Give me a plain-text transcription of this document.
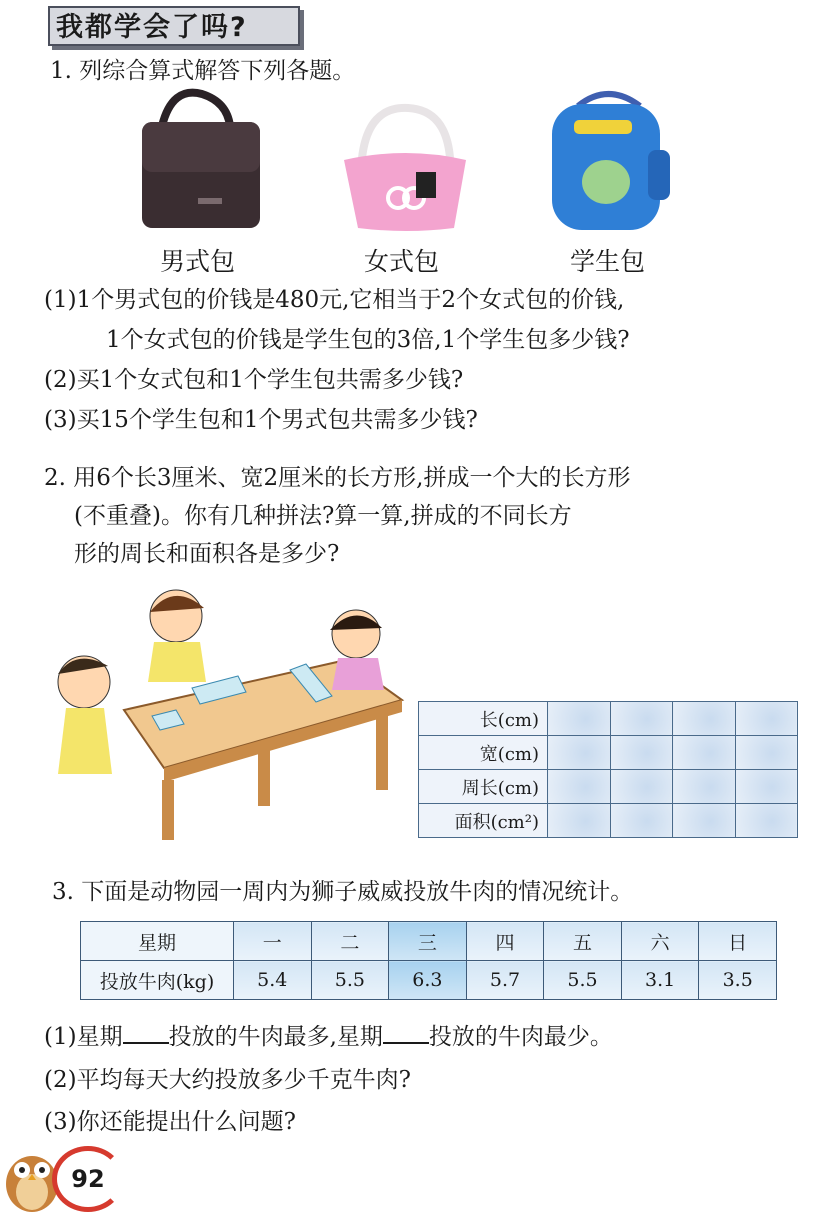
我都学会了吗?
1. 列综合算式解答下列各题。
男式包	女式包	学生包
(1)1个男式包的价钱是480元,它相当于2个女式包的价钱,
1个女式包的价钱是学生包的3倍,1个学生包多少钱?
(2)买1个女式包和1个学生包共需多少钱?
(3)买15个学生包和1个男式包共需多少钱?
2. 用6个长3厘米、宽2厘米的长方形,拼成一个大的长方形
(不重叠)。你有几种拼法?算一算,拼成的不同长方
形的周长和面积各是多少?
长(cm)				
宽(cm)				
周长(cm)				
面积(cm²)				
3. 下面是动物园一周内为狮子威威投放牛肉的情况统计。
星期	一	二	三	四	五	六	日
投放牛肉(kg)	5.4	5.5	6.3	5.7	5.5	3.1	3.5
(1)星期 投放的牛肉最多,星期 投放的牛肉最少。
(2)平均每天大约投放多少千克牛肉?
(3)你还能提出什么问题?
92
